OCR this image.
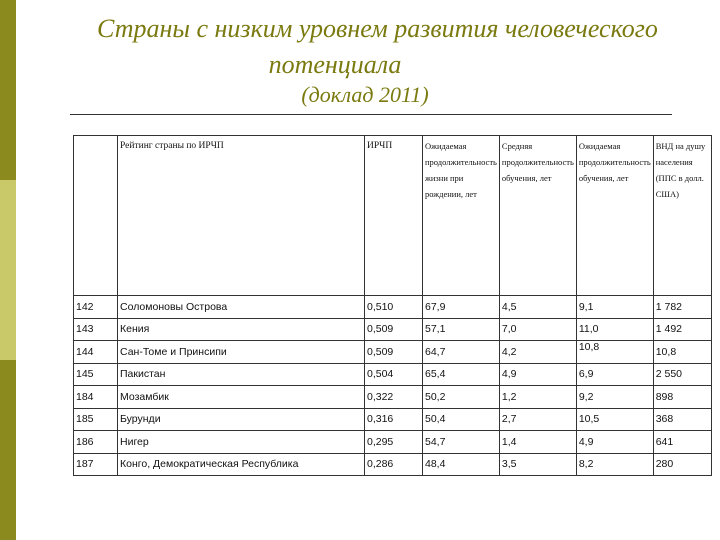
Страны с низким уровнем развития человеческого
потенциала
(доклад 2011)
	Рейтинг страны по ИРЧП	ИРЧП	Ожидаемая продолжительность жизни при рождении, лет	Средняя продолжительность обучения, лет	Ожидаемая продолжительность обучения, лет	ВНД на душу населения (ППС в долл. США)
142	Соломоновы Острова	0,510	67,9	4,5	9,1	1 782
143	Кения	0,509	57,1	7,0	11,0	1 492
144	Сан-Томе и Принсипи	0,509	64,7	4,2	10,8	10,8
145	Пакистан	0,504	65,4	4,9	6,9	2 550
184	Мозамбик	0,322	50,2	1,2	9,2	898
185	Бурунди	0,316	50,4	2,7	10,5	368
186	Нигер	0,295	54,7	1,4	4,9	641
187	Конго, Демократическая Республика	0,286	48,4	3,5	8,2	280
